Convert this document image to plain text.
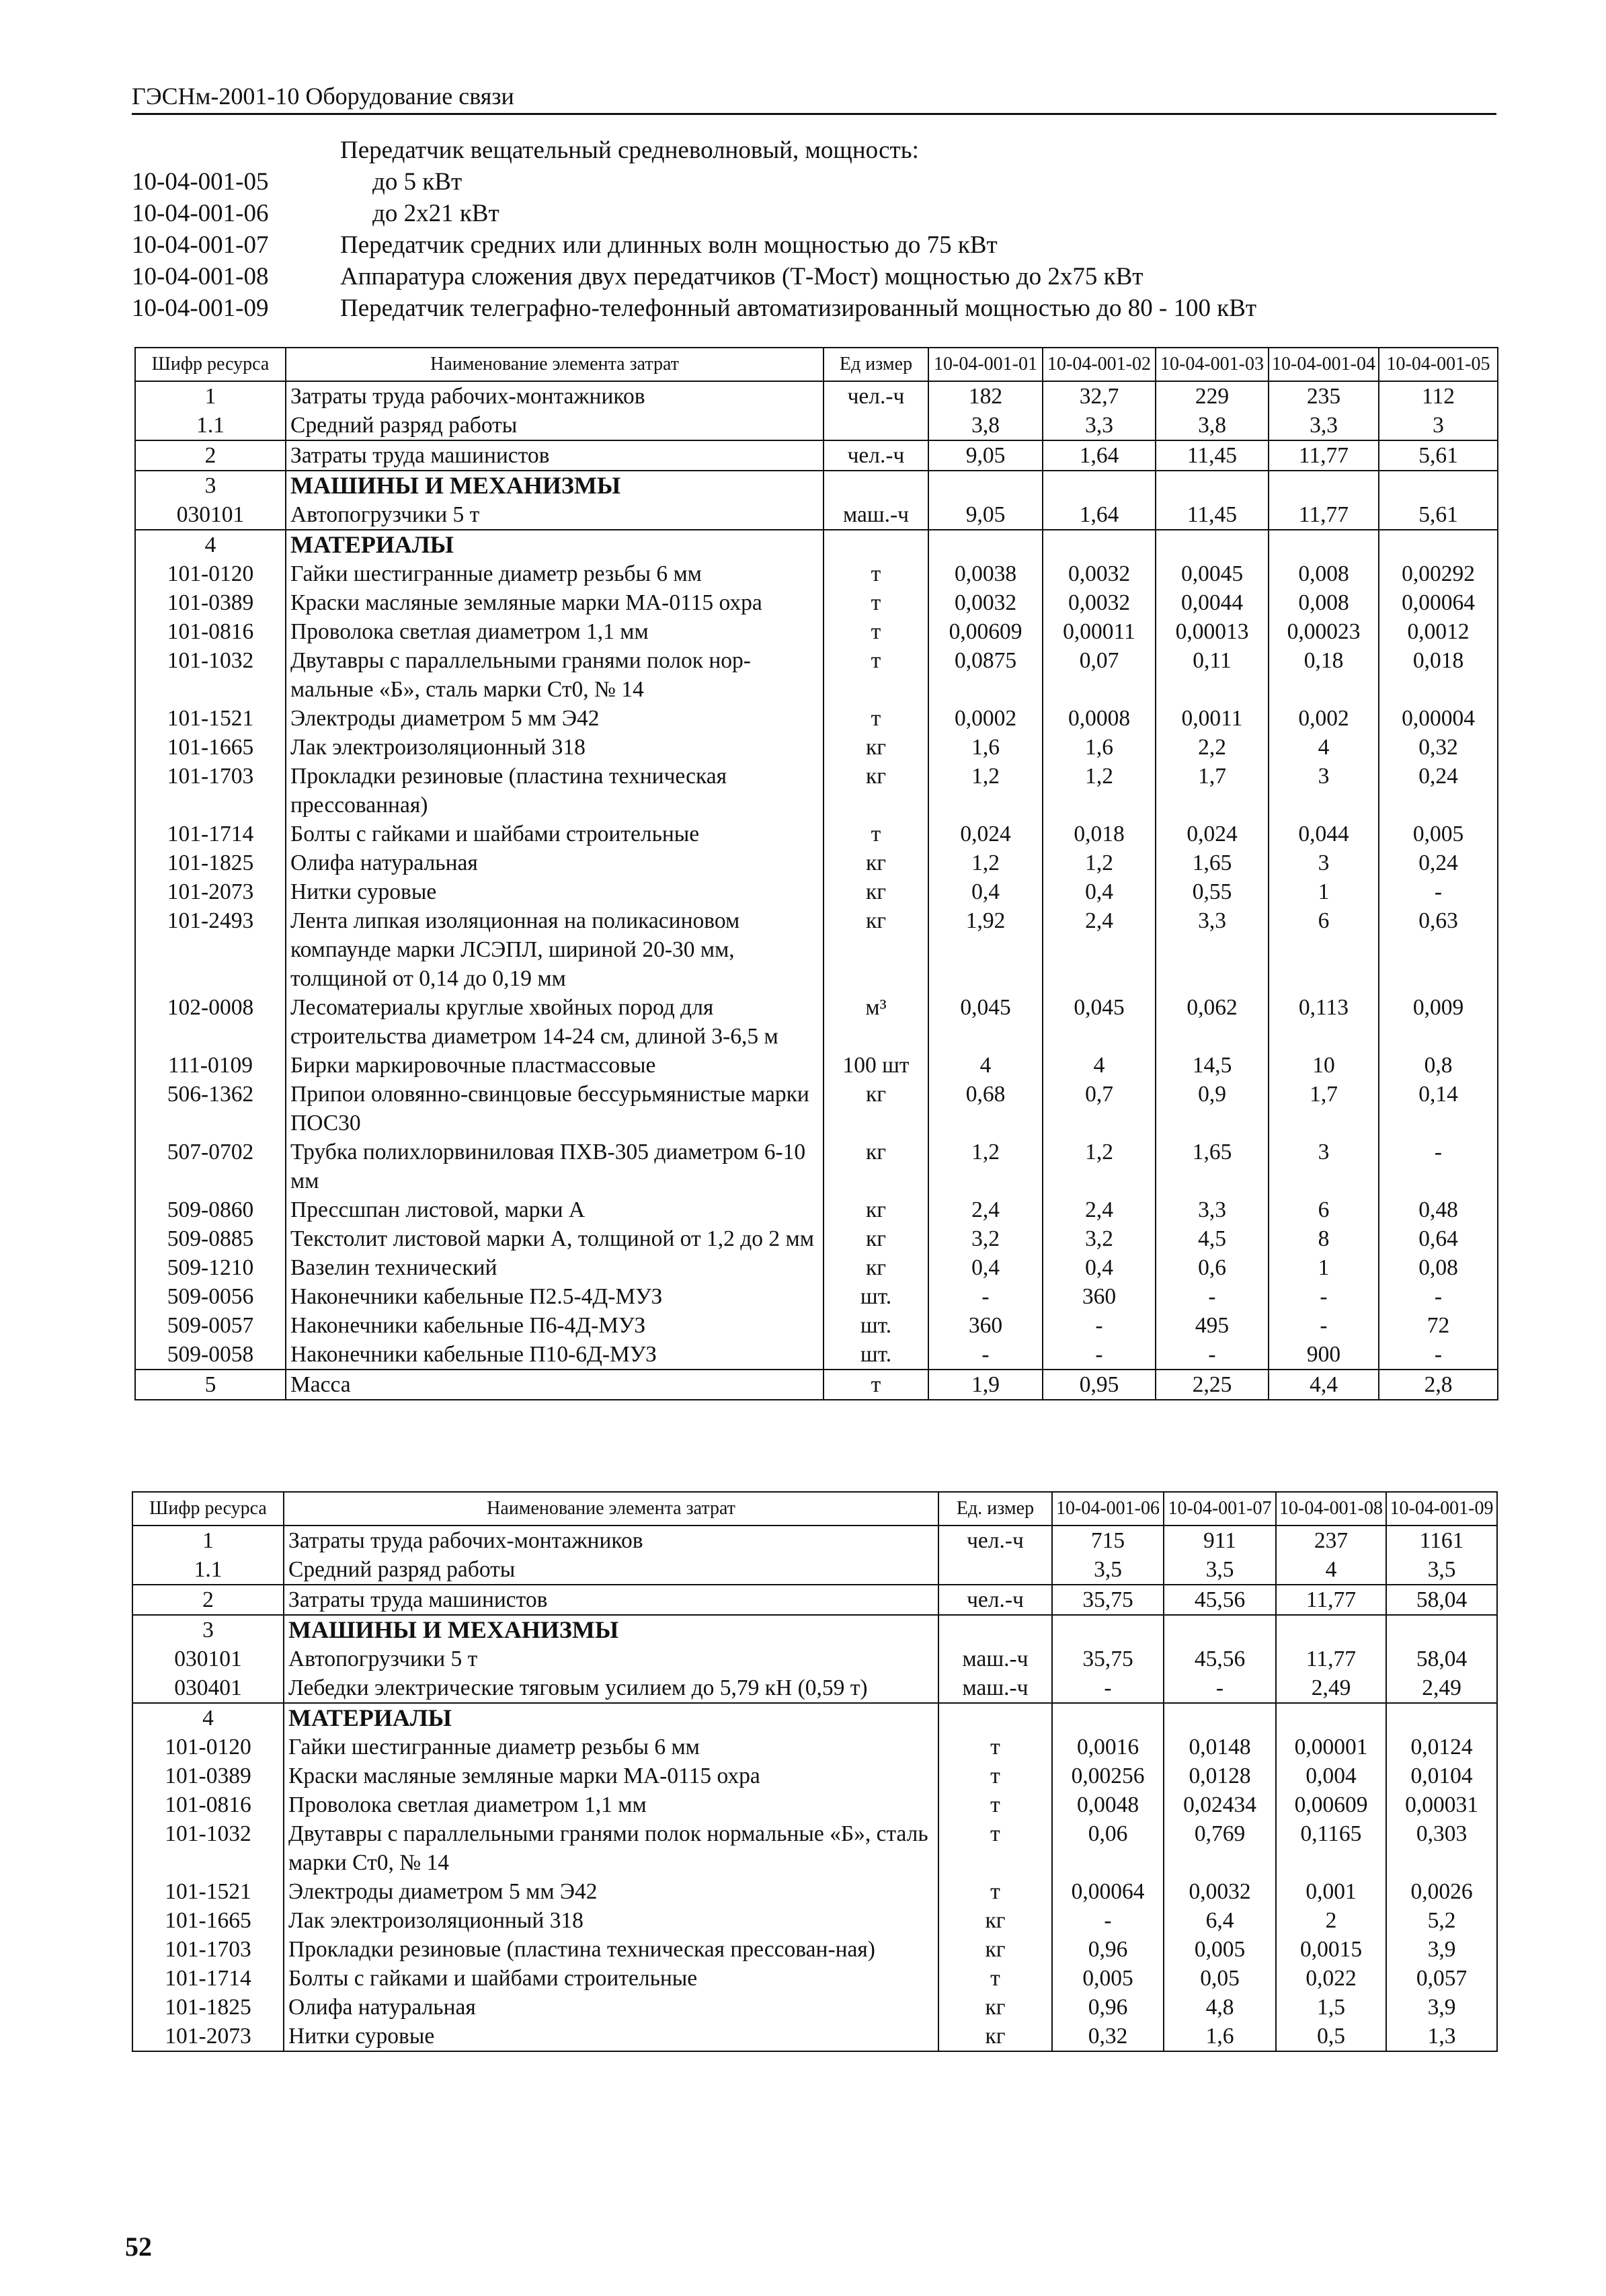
ГЭСНм-2001-10 Оборудование связи
Передатчик вещательный средневолновый, мощность:
10-04-001-05	до 5 кВт
10-04-001-06	до 2x21 кВт
10-04-001-07	Передатчик средних или длинных волн мощностью до 75 кВт
10-04-001-08	Аппаратура сложения двух передатчиков (Т-Мост) мощностью до 2x75 кВт
10-04-001-09	Передатчик телеграфно-телефонный автоматизированный мощностью до 80 - 100 кВт
Шифр ресурса	Наименование элемента затрат	Ед измер	10-04-001-01	10-04-001-02	10-04-001-03	10-04-001-04	10-04-001-05
1	Затраты труда рабочих-монтажников	чел.-ч	182	32,7	229	235	112
1.1	Средний разряд работы		3,8	3,3	3,8	3,3	3
2	Затраты труда машинистов	чел.-ч	9,05	1,64	11,45	11,77	5,61
3	МАШИНЫ И МЕХАНИЗМЫ						
030101	Автопогрузчики 5 т	маш.-ч	9,05	1,64	11,45	11,77	5,61
4	МАТЕРИАЛЫ						
101-0120	Гайки шестигранные диаметр резьбы 6 мм	т	0,0038	0,0032	0,0045	0,008	0,00292
101-0389	Краски масляные земляные марки МА-0115 охра	т	0,0032	0,0032	0,0044	0,008	0,00064
101-0816	Проволока светлая диаметром 1,1 мм	т	0,00609	0,00011	0,00013	0,00023	0,0012
101-1032	Двутавры с параллельными гранями полок нор-мальные «Б», сталь марки Ст0, № 14	т	0,0875	0,07	0,11	0,18	0,018
101-1521	Электроды диаметром 5 мм Э42	т	0,0002	0,0008	0,0011	0,002	0,00004
101-1665	Лак электроизоляционный 318	кг	1,6	1,6	2,2	4	0,32
101-1703	Прокладки резиновые (пластина техническая прессованная)	кг	1,2	1,2	1,7	3	0,24
101-1714	Болты с гайками и шайбами строительные	т	0,024	0,018	0,024	0,044	0,005
101-1825	Олифа натуральная	кг	1,2	1,2	1,65	3	0,24
101-2073	Нитки суровые	кг	0,4	0,4	0,55	1	-
101-2493	Лента липкая изоляционная на поликасиновом компаунде марки ЛСЭПЛ, шириной 20-30 мм, толщиной от 0,14 до 0,19 мм	кг	1,92	2,4	3,3	6	0,63
102-0008	Лесоматериалы круглые хвойных пород для строительства диаметром 14-24 см, длиной 3-6,5 м	м³	0,045	0,045	0,062	0,113	0,009
111-0109	Бирки маркировочные пластмассовые	100 шт	4	4	14,5	10	0,8
506-1362	Припои оловянно-свинцовые бессурьмянистые марки ПОС30	кг	0,68	0,7	0,9	1,7	0,14
507-0702	Трубка полихлорвиниловая ПХВ-305 диаметром 6-10 мм	кг	1,2	1,2	1,65	3	-
509-0860	Прессшпан листовой, марки А	кг	2,4	2,4	3,3	6	0,48
509-0885	Текстолит листовой марки А, толщиной от 1,2 до 2 мм	кг	3,2	3,2	4,5	8	0,64
509-1210	Вазелин технический	кг	0,4	0,4	0,6	1	0,08
509-0056	Наконечники кабельные П2.5-4Д-МУЗ	шт.	-	360	-	-	-
509-0057	Наконечники кабельные П6-4Д-МУЗ	шт.	360	-	495	-	72
509-0058	Наконечники кабельные П10-6Д-МУЗ	шт.	-	-	-	900	-
5	Масса	т	1,9	0,95	2,25	4,4	2,8
Шифр ресурса	Наименование элемента затрат	Ед. измер	10-04-001-06	10-04-001-07	10-04-001-08	10-04-001-09
1	Затраты труда рабочих-монтажников	чел.-ч	715	911	237	1161
1.1	Средний разряд работы		3,5	3,5	4	3,5
2	Затраты труда машинистов	чел.-ч	35,75	45,56	11,77	58,04
3	МАШИНЫ И МЕХАНИЗМЫ					
030101	Автопогрузчики 5 т	маш.-ч	35,75	45,56	11,77	58,04
030401	Лебедки электрические тяговым усилием до 5,79 кН (0,59 т)	маш.-ч	-	-	2,49	2,49
4	МАТЕРИАЛЫ					
101-0120	Гайки шестигранные диаметр резьбы 6 мм	т	0,0016	0,0148	0,00001	0,0124
101-0389	Краски масляные земляные марки МА-0115 охра	т	0,00256	0,0128	0,004	0,0104
101-0816	Проволока светлая диаметром 1,1 мм	т	0,0048	0,02434	0,00609	0,00031
101-1032	Двутавры с параллельными гранями полок нормальные «Б», сталь марки Ст0, № 14	т	0,06	0,769	0,1165	0,303
101-1521	Электроды диаметром 5 мм Э42	т	0,00064	0,0032	0,001	0,0026
101-1665	Лак электроизоляционный 318	кг	-	6,4	2	5,2
101-1703	Прокладки резиновые (пластина техническая прессован-ная)	кг	0,96	0,005	0,0015	3,9
101-1714	Болты с гайками и шайбами строительные	т	0,005	0,05	0,022	0,057
101-1825	Олифа натуральная	кг	0,96	4,8	1,5	3,9
101-2073	Нитки суровые	кг	0,32	1,6	0,5	1,3
52
